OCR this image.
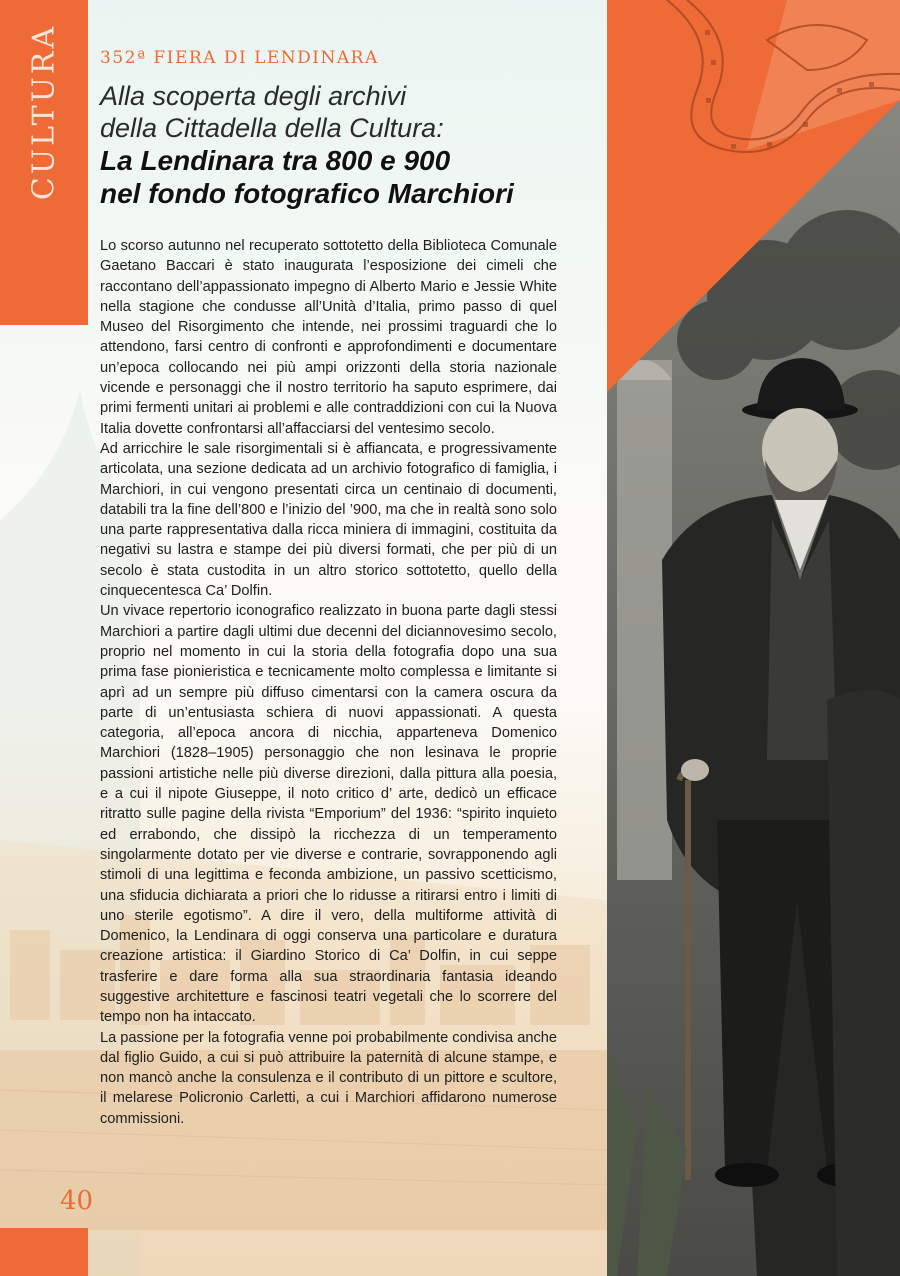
CULTURA 352ª FIERA DI LENDINARA
Alla scoperta degli archivi
della Cittadella della Cultura:
La Lendinara tra 800 e 900
nel fondo fotografico Marchiori

Lo scorso autunno nel recuperato sottotetto della Biblioteca Comunale Gaetano Baccari è stato inaugurata l’esposizione dei cimeli che raccontano dell’appassionato impegno di Alberto Mario e Jessie White nella stagione che condusse all’Unità d’Italia, primo passo di quel Museo del Risorgimento che intende, nei prossimi traguardi che lo attendono, farsi centro di confronti e approfondimenti e documentare un’epoca collocando nei più ampi orizzonti della storia nazionale vicende e personaggi che il nostro territorio ha saputo esprimere, dai primi fermenti unitari ai problemi e alle contraddizioni con cui la Nuova Italia dovette confrontarsi all’affacciarsi del ventesimo secolo.

Ad arricchire le sale risorgimentali si è affiancata, e progressivamente articolata, una sezione dedicata ad un archivio fotografico di famiglia, i Marchiori, in cui vengono presentati circa un centinaio di documenti, databili tra la fine dell’800 e l’inizio del ’900, ma che in realtà sono solo una parte rappresentativa dalla ricca miniera di immagini, costituita da negativi su lastra e stampe dei più diversi formati, che per più di un secolo è stata custodita in un altro storico sottotetto, quello della cinquecentesca Ca’ Dolfin.

Un vivace repertorio iconografico realizzato in buona parte dagli stessi Marchiori a partire dagli ultimi due decenni del diciannovesimo secolo, proprio nel momento in cui la storia della fotografia dopo una sua prima fase pionieristica e tecnicamente molto complessa e limitante si aprì ad un sempre più diffuso cimentarsi con la camera oscura da parte di un’entusiasta schiera di nuovi appassionati. A questa categoria, all’epoca ancora di nicchia, apparteneva Domenico Marchiori (1828–1905) personaggio che non lesinava le proprie passioni artistiche nelle più diverse direzioni, dalla pittura alla poesia, e a cui il nipote Giuseppe, il noto critico d’ arte, dedicò un efficace ritratto sulle pagine della rivista “Emporium” del 1936: “spirito inquieto ed errabondo, che dissipò la ricchezza di un temperamento singolarmente dotato per vie diverse e contrarie, sovrapponendo agli stimoli di una legittima e feconda ambizione, un passivo scetticismo, una sfiducia dichiarata a priori che lo ridusse a ritirarsi entro i limiti di uno sterile egotismo”. A dire il vero, della multiforme attività di Domenico, la Lendinara di oggi conserva una particolare e duratura creazione artistica: il Giardino Storico di Ca’ Dolfin, in cui seppe trasferire e dare forma alla sua straordinaria fantasia ideando suggestive architetture e fascinosi teatri vegetali che lo scorrere del tempo non ha intaccato.

La passione per la fotografia venne poi probabilmente condivisa anche dal figlio Guido, a cui si può attribuire la paternità di alcune stampe, e non mancò anche la consulenza e il contributo di un pittore e scultore, il melarese Policronio Carletti, a cui i Marchiori affidarono numerose commissioni.

40
